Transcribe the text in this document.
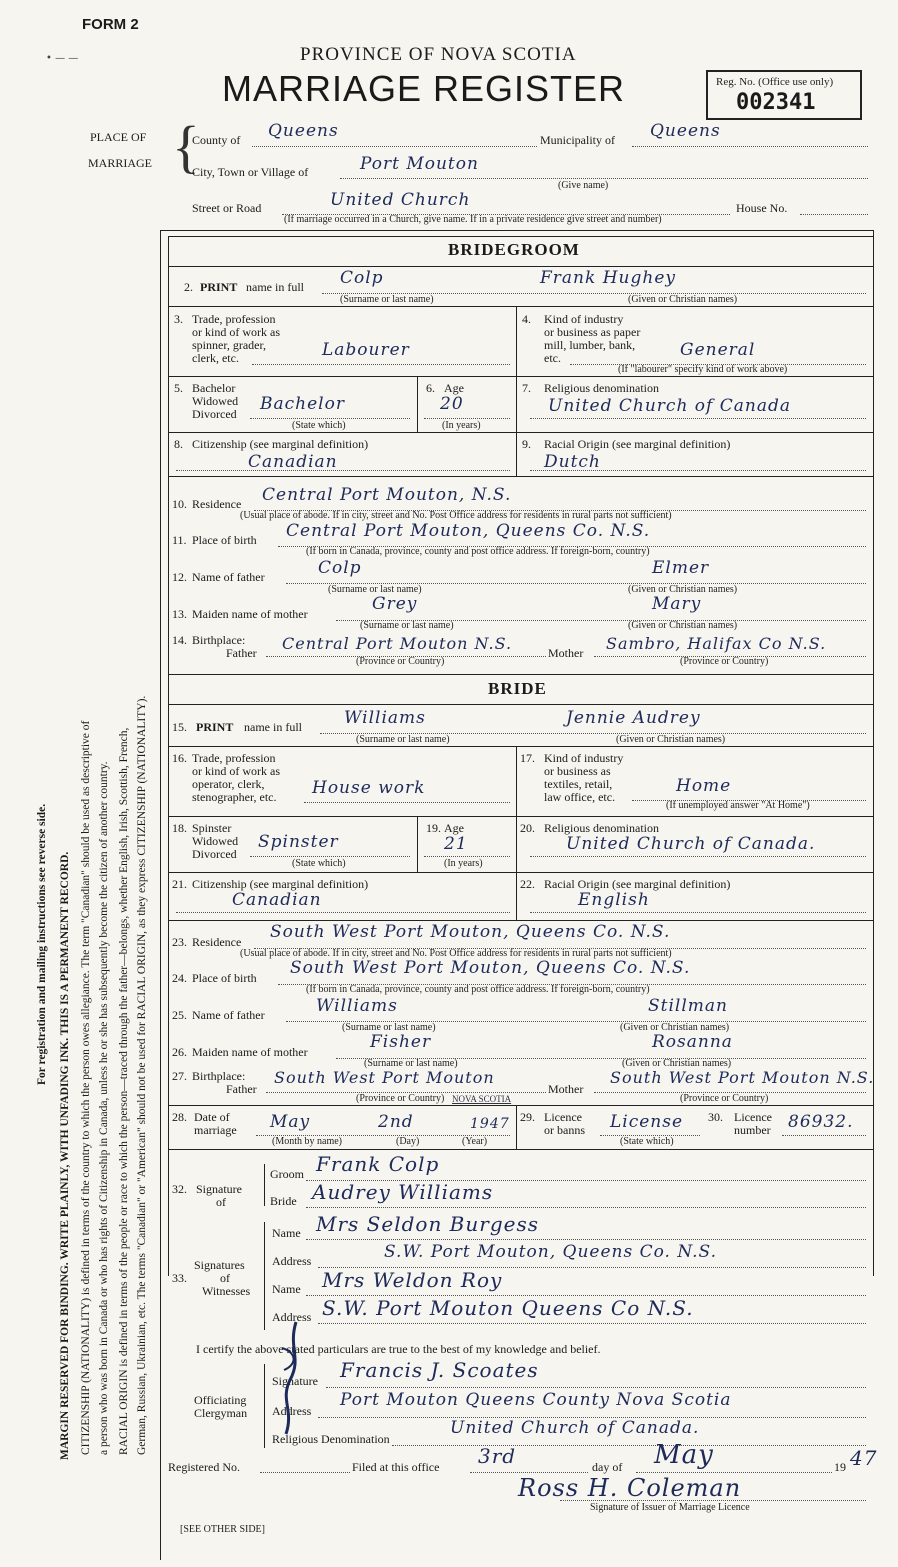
FORM 2
• — —	PROVINCE OF NOVA SCOTIA
MARRIAGE REGISTER	Reg. No. (Office use only)
002341
PLACE OF
MARRIAGE {
County of Queens	Municipality of Queens
City, Town or Village of	Port Mouton
(Give name)
Street or Road	United Church	House No.
(If marriage occurred in a Church, give name. If in a private residence give street and number)
For registration and mailing instructions see reverse side. MARGIN RESERVED FOR BINDING. WRITE PLAINLY, WITH UNFADING INK. THIS IS A PERMANENT RECORD. CITIZENSHIP (NATIONALITY) is defined in terms of the country to which the person owes allegiance. The term "Canadian" should be used as descriptive of a person who was born in Canada or who has rights of Citizenship in Canada, unless he or she has subsequently become the citizen of another country. RACIAL ORIGIN is defined in terms of the people or race to which the person—traced through the father—belongs, whether English, Irish, Scottish, French, German, Russian, Ukrainian, etc. The terms "Canadian" or "American" should not be used for RACIAL ORIGIN, as they express CITIZENSHIP (NATIONALITY).
BRIDEGROOM
2. PRINT name in full Colp	Frank Hughey
(Surname or last name)	(Given or Christian names)
3. Trade, profession
or kind of work as
spinner, grader,
clerk, etc.	Labourer
4. Kind of industry
or business as paper
mill, lumber, bank,
etc.	General
(If "labourer" specify kind of work above)
5. Bachelor
Widowed
Divorced Bachelor
(State which)
6. Age
20
(In years)
7. Religious denomination
United Church of Canada
8. Citizenship (see marginal definition)
Canadian
9. Racial Origin (see marginal definition)
Dutch
10. Residence Central Port Mouton, N.S.
(Usual place of abode. If in city, street and No. Post Office address for residents in rural parts not sufficient)
11. Place of birth Central Port Mouton, Queens Co. N.S.
(If born in Canada, province, county and post office address. If foreign-born, country)
12. Name of father	Colp	Elmer
(Surname or last name)	(Given or Christian names)
13. Maiden name of mother	Grey	Mary
(Surname or last name)	(Given or Christian names)
14. Birthplace:
Father Central Port Mouton N.S.	Mother Sambro, Halifax Co N.S.
(Province or Country)	(Province or Country)
BRIDE
15. PRINT name in full Williams	Jennie Audrey
(Surname or last name)	(Given or Christian names)
16. Trade, profession
or kind of work as
operator, clerk,
stenographer, etc. House work
17. Kind of industry
or business as
textiles, retail,
law office, etc.
Home
(If unemployed answer "At Home")
18. Spinster
Widowed
Divorced
Spinster
(State which)
19. Age
21
(In years)
20. Religious denomination
United Church of Canada.
21. Citizenship (see marginal definition)
Canadian
22. Racial Origin (see marginal definition)
English
23. Residence South West Port Mouton, Queens Co. N.S.
(Usual place of abode. If in city, street and No. Post Office address for residents in rural parts not sufficient)
24. Place of birth South West Port Mouton, Queens Co. N.S.
(If born in Canada, province, county and post office address. If foreign-born, country)
25. Name of father	Williams	Stillman
(Surname or last name)	(Given or Christian names)
26. Maiden name of mother	Fisher	Rosanna
(Surname or last name)	(Given or Christian names)
27. Birthplace:
Father
South West Port Mouton
Mother
South West Port Mouton N.S.
(Province or Country) NOVA SCOTIA	(Province or Country)
28. Date of
marriage May	2nd	1947
(Month by name)	(Day)	(Year)
29. Licence
or banns License
(State which)
30. Licence
number 86932.
32. Signature
of
Groom Frank Colp
Bride Audrey Williams
33.
Signatures
of
Witnesses
Name Mrs Seldon Burgess
Address	S.W. Port Mouton, Queens Co. N.S.
Name Mrs Weldon Roy
Address S.W. Port Mouton Queens Co N.S.
I certify the above stated particulars are true to the best of my knowledge and belief.
Officiating
Clergyman
Signature Francis J. Scoates
Address
Port Mouton Queens County Nova Scotia
Religious Denomination
United Church of Canada.
Registered No.	Filed at this office 3rd	day of May	19 47
Ross H. Coleman
Signature of Issuer of Marriage Licence
[SEE OTHER SIDE]
